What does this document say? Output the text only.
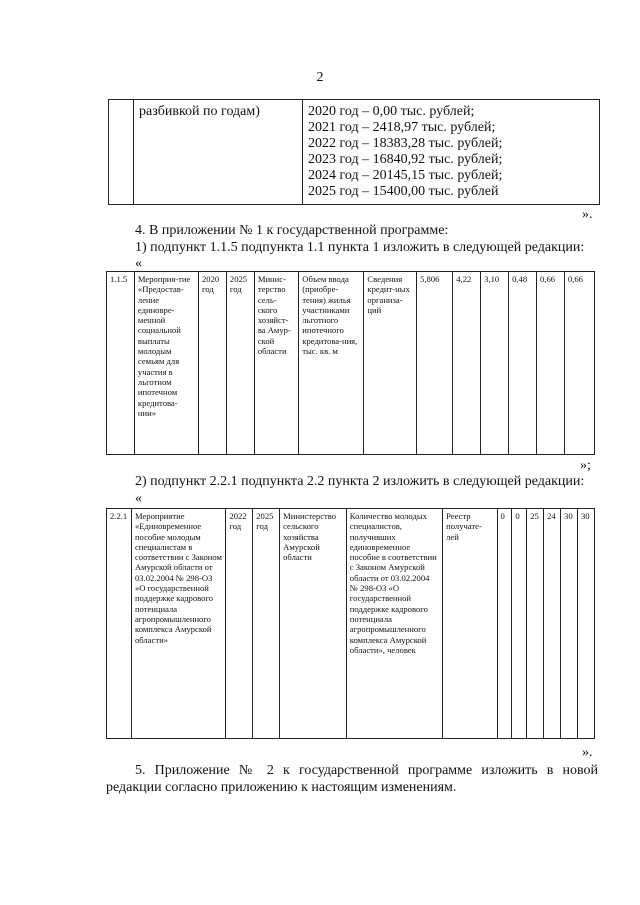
2
	разбивкой по годам)	2020 год – 0,00 тыс. рублей;
2021 год – 2418,97 тыс. рублей;
2022 год – 18383,28 тыс. рублей;
2023 год – 16840,92 тыс. рублей;
2024 год – 20145,15 тыс. рублей;
2025 год – 15400,00 тыс. рублей
».
4. В приложении № 1 к государственной программе:
1) подпункт 1.1.5 подпункта 1.1 пункта 1 изложить в следующей редакции:
«
1.1.5	Мероприя-тие «Предостав-ление единовре-менной социальной выплаты молодым семьям для участия в льготном ипотечном кредитова-нии»	2020 год	2025 год	Минис-терство сель-ского хозяйст-ва Амур-ской области	Объем ввода (приобре-тения) жилья участниками льготного ипотечного кредитова-ния, тыс. кв. м	Сведения кредит-ных организа-ций	5,806	4,22	3,10	0,48	0,66	0,66
»;
2) подпункт 2.2.1 подпункта 2.2 пункта 2 изложить в следующей редакции:
«
2.2.1	Мероприятие «Единовременное пособие молодым специалистам в соответствии с Законом Амурской области от 03.02.2004 № 298-ОЗ «О государственной поддержке кадрового потенциала агропромышленного комплекса Амурской области»	2022 год	2025 год	Министерство сельского хозяйства Амурской области	Количество молодых специалистов, получивших единовременное пособие в соответствии с Законом Амурской области от 03.02.2004 № 298-ОЗ «О государственной поддержке кадрового потенциала агропромышленного комплекса Амурской области», человек	Реестр получате-лей	0	0	25	24	30	30
».
5. Приложение № 2 к государственной программе изложить в новой редакции согласно приложению к настоящим изменениям.
